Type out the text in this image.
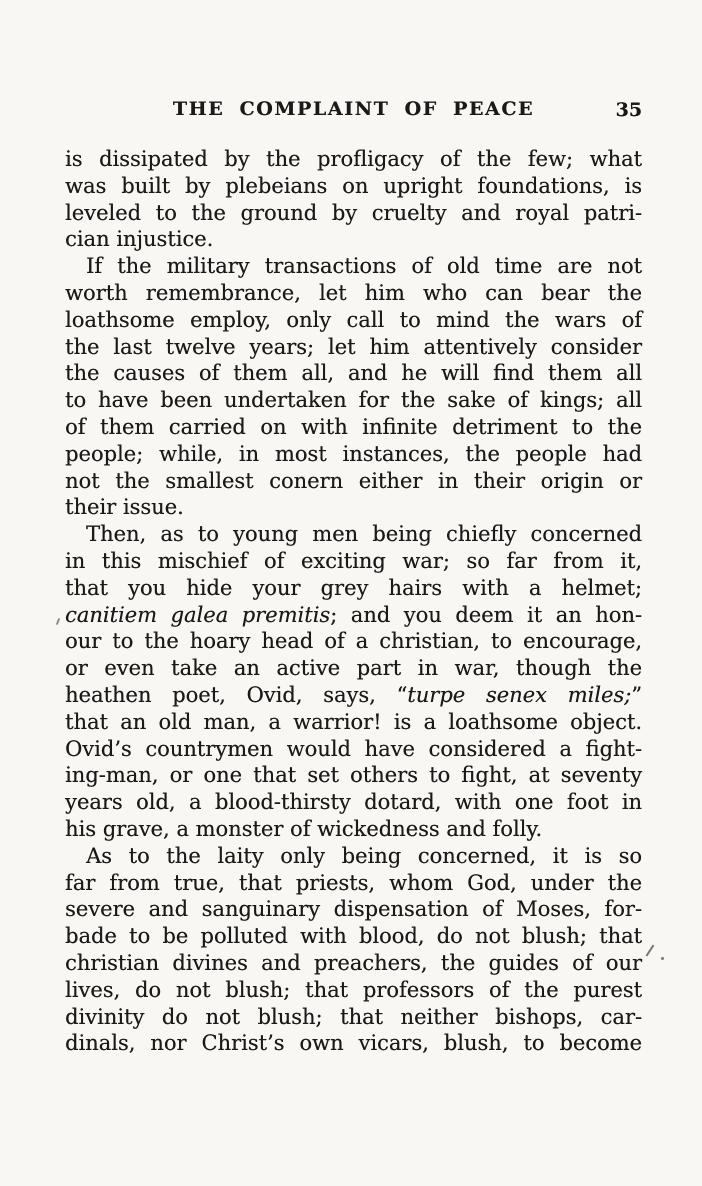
THE COMPLAINT OF PEACE	35
is dissipated by the profligacy of the few; what
was built by plebeians on upright foundations, is
leveled to the ground by cruelty and royal patri-
cian injustice.
If the military transactions of old time are not
worth remembrance, let him who can bear the
loathsome employ, only call to mind the wars of
the last twelve years; let him attentively consider
the causes of them all, and he will find them all
to have been undertaken for the sake of kings; all
of them carried on with infinite detriment to the
people; while, in most instances, the people had
not the smallest conern either in their origin or
their issue.
Then, as to young men being chiefly concerned
in this mischief of exciting war; so far from it,
that you hide your grey hairs with a helmet;
canitiem galea premitis; and you deem it an hon-
our to the hoary head of a christian, to encourage,
or even take an active part in war, though the
heathen poet, Ovid, says, “turpe senex miles;”
that an old man, a warrior! is a loathsome object.
Ovid’s countrymen would have considered a fight-
ing-man, or one that set others to fight, at seventy
years old, a blood-thirsty dotard, with one foot in
his grave, a monster of wickedness and folly.
As to the laity only being concerned, it is so
far from true, that priests, whom God, under the
severe and sanguinary dispensation of Moses, for-
bade to be polluted with blood, do not blush; that
christian divines and preachers, the guides of our
lives, do not blush; that professors of the purest
divinity do not blush; that neither bishops, car-
dinals, nor Christ’s own vicars, blush, to become
